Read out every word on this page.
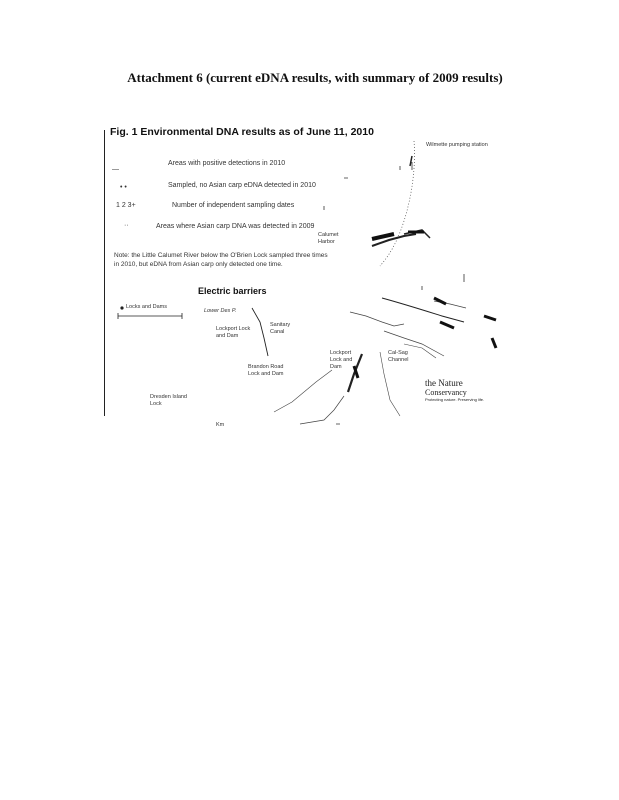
Attachment 6 (current eDNA results, with summary of 2009 results)
Fig. 1 Environmental DNA results as of June 11, 2010
—
Areas with positive detections in 2010
• •	Sampled, no Asian carp eDNA detected in 2010
1 2 3+	Number of independent sampling dates
··	Areas where Asian carp DNA was detected in 2009
Note: the Little Calumet River below the O'Brien Lock sampled three times in 2010, but eDNA from Asian carp only detected one time.
Electric barriers
Wilmette pumping station
Calumet Harbor
Locks and Dams
Lower Des P.
Lockport Lock and Dam
Brandon Road Lock and Dam
Dresden Island Lock
Sanitary Canal
Lockport Lock and Dam
Cal-Sag Channel
Km
the Nature
Conservancy
Protecting nature. Preserving life.
